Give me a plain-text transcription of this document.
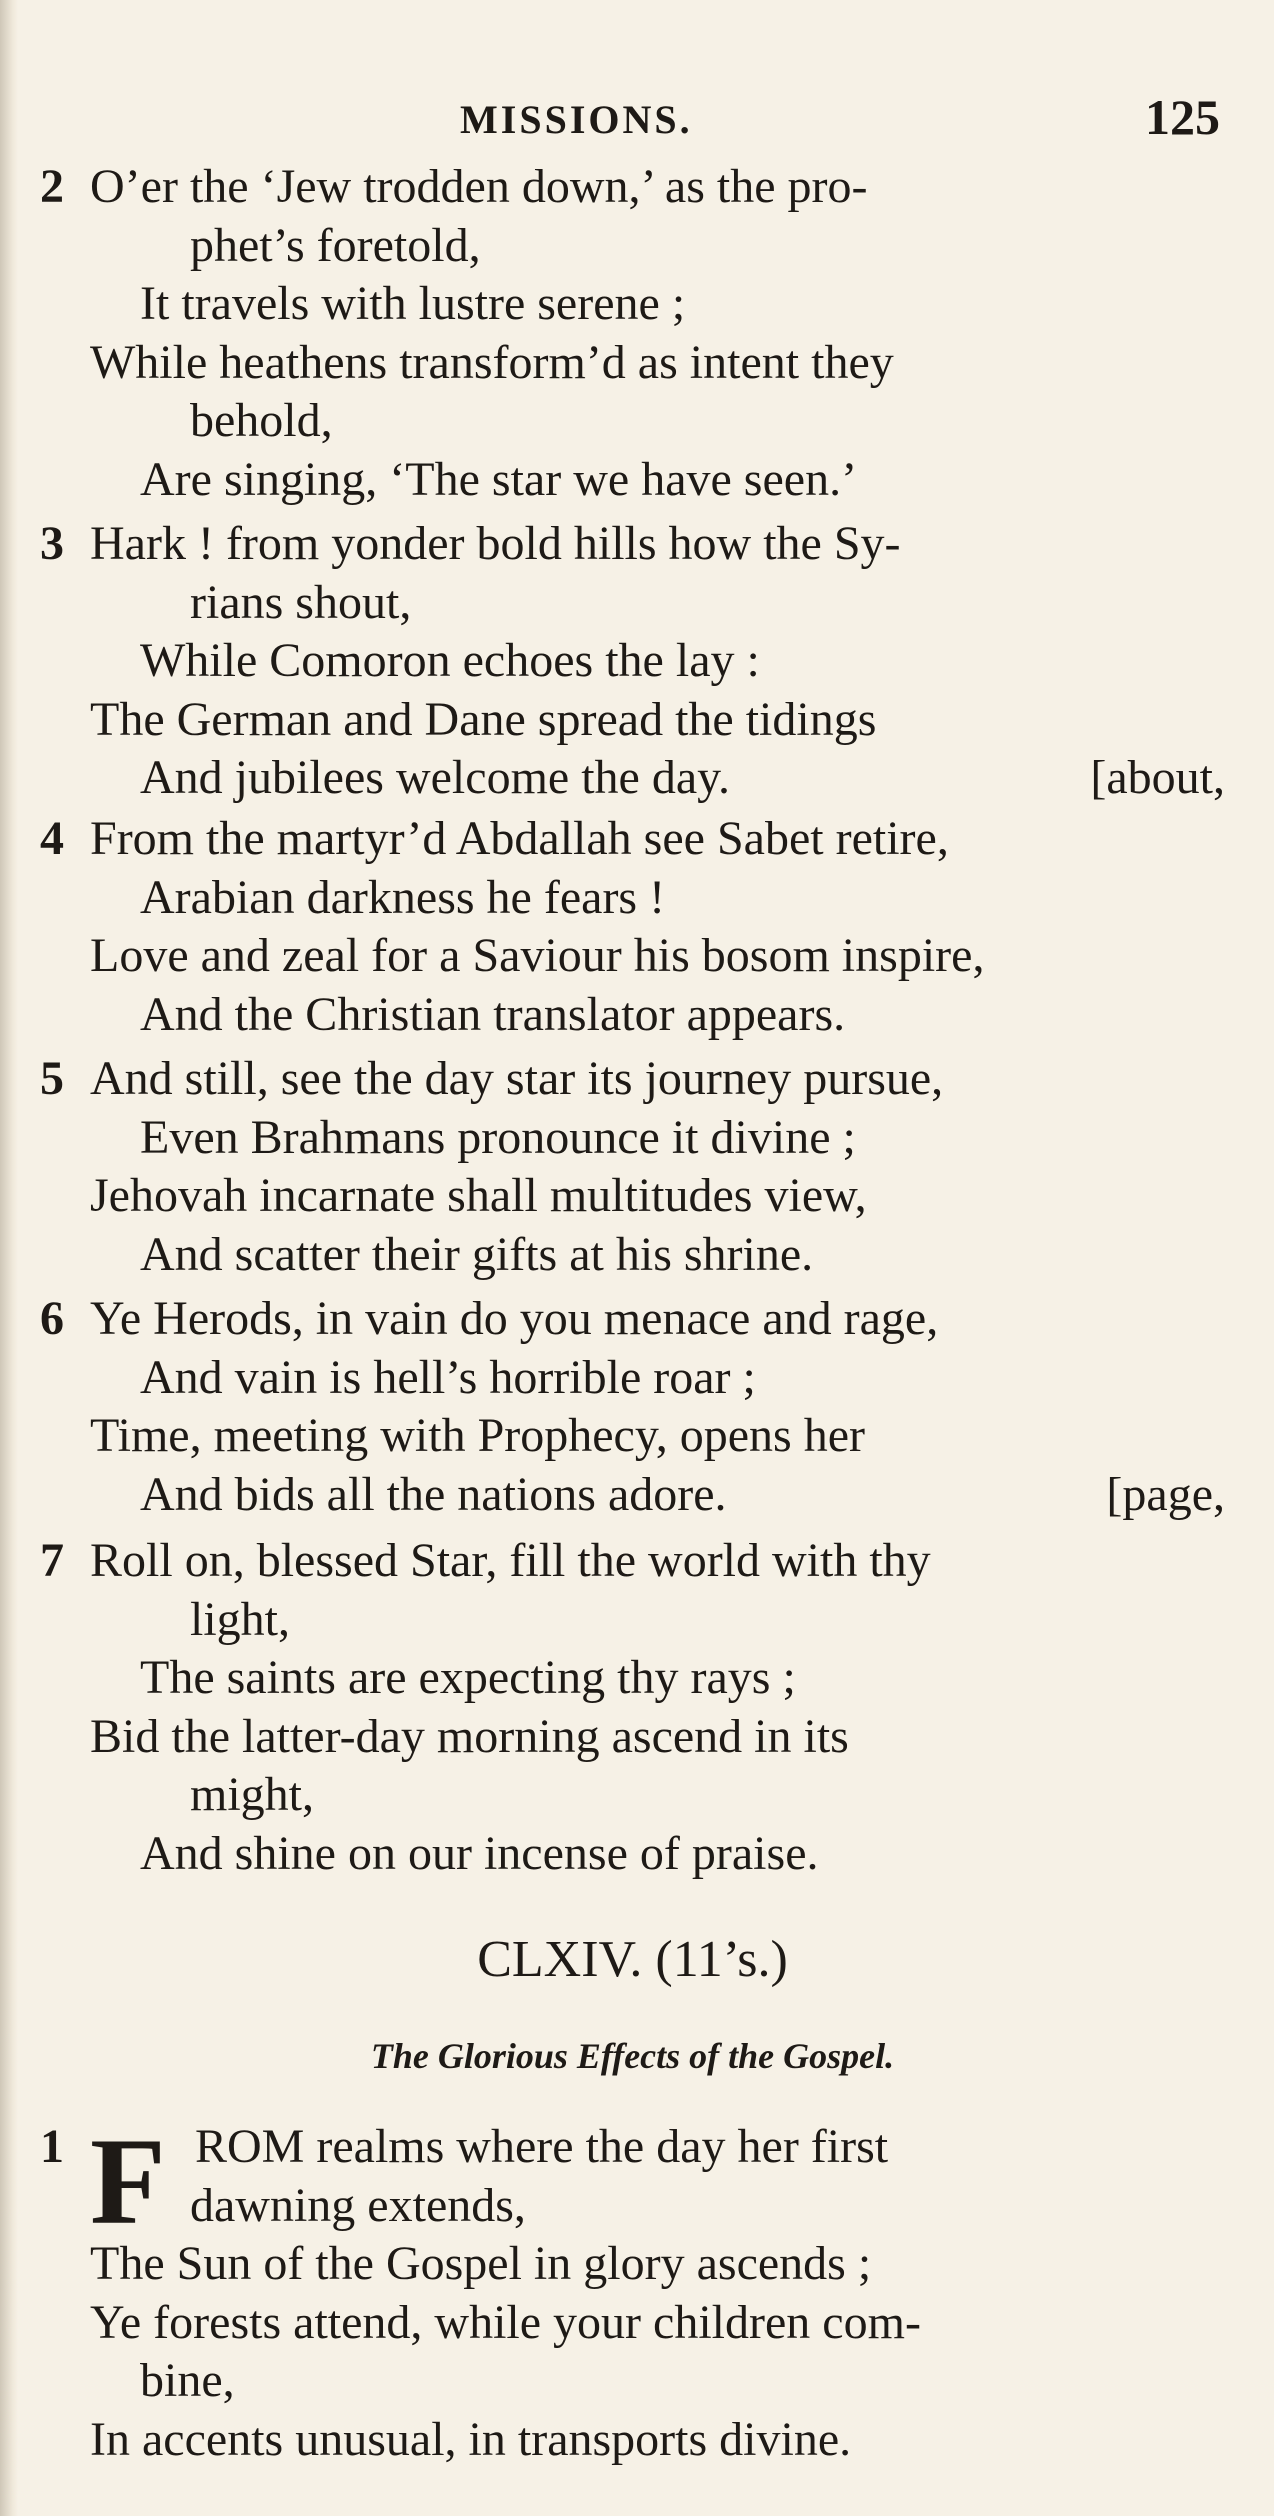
MISSIONS.	125
2 O’er the ‘Jew trodden down,’ as the pro-
phet’s foretold,
It travels with lustre serene ;
While heathens transform’d as intent they
behold,
Are singing, ‘The star we have seen.’
3 Hark ! from yonder bold hills how the Sy-
rians shout,
While Comoron echoes the lay :
The German and Dane spread the tidings
And jubilees welcome the day.	[about,
4 From the martyr’d Abdallah see Sabet retire,
Arabian darkness he fears !
Love and zeal for a Saviour his bosom inspire,
And the Christian translator appears.
5 And still, see the day star its journey pursue,
Even Brahmans pronounce it divine ;
Jehovah incarnate shall multitudes view,
And scatter their gifts at his shrine.
6 Ye Herods, in vain do you menace and rage,
And vain is hell’s horrible roar ;
Time, meeting with Prophecy, opens her
And bids all the nations adore.	[page,
7 Roll on, blessed Star, fill the world with thy
light,
The saints are expecting thy rays ;
Bid the latter-day morning ascend in its
might,
And shine on our incense of praise.
CLXIV. (11’s.)
The Glorious Effects of the Gospel.
F
1	ROM realms where the day her first
dawning extends,
The Sun of the Gospel in glory ascends ;
Ye forests attend, while your children com-
bine,
In accents unusual, in transports divine.
